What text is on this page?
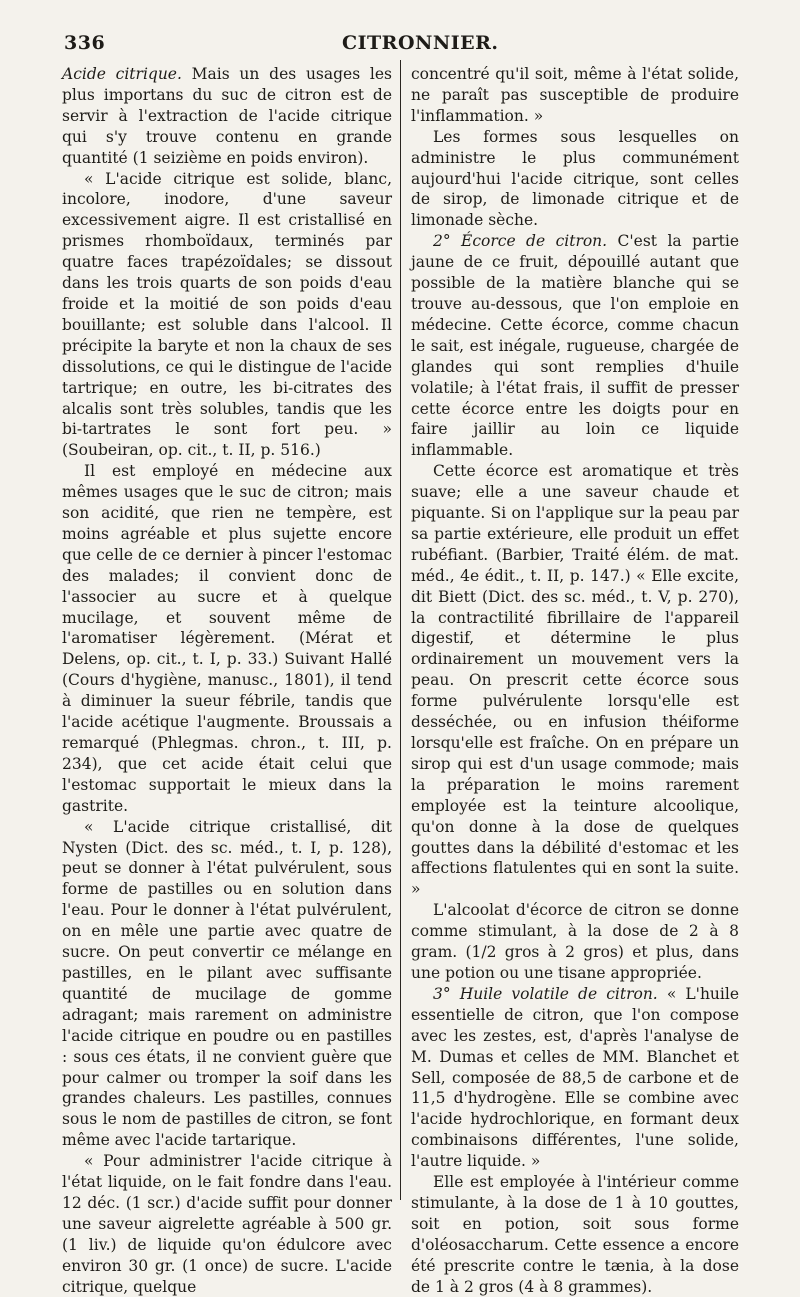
336	CITRONNIER.

Acide citrique. Mais un des usages les plus importans du suc de citron est de servir à l'extraction de l'acide citrique qui s'y trouve contenu en grande quantité (1 seizième en poids environ).

« L'acide citrique est solide, blanc, incolore, inodore, d'une saveur excessivement aigre. Il est cristallisé en prismes rhomboïdaux, terminés par quatre faces trapézoïdales; se dissout dans les trois quarts de son poids d'eau froide et la moitié de son poids d'eau bouillante; est soluble dans l'alcool. Il précipite la baryte et non la chaux de ses dissolutions, ce qui le distingue de l'acide tartrique; en outre, les bi-citrates des alcalis sont très solubles, tandis que les bi-tartrates le sont fort peu. » (Soubeiran, op. cit., t. II, p. 516.)

Il est employé en médecine aux mêmes usages que le suc de citron; mais son acidité, que rien ne tempère, est moins agréable et plus sujette encore que celle de ce dernier à pincer l'estomac des malades; il convient donc de l'associer au sucre et à quelque mucilage, et souvent même de l'aromatiser légèrement. (Mérat et Delens, op. cit., t. I, p. 33.) Suivant Hallé (Cours d'hygiène, manusc., 1801), il tend à diminuer la sueur fébrile, tandis que l'acide acétique l'augmente. Broussais a remarqué (Phlegmas. chron., t. III, p. 234), que cet acide était celui que l'estomac supportait le mieux dans la gastrite.

« L'acide citrique cristallisé, dit Nysten (Dict. des sc. méd., t. I, p. 128), peut se donner à l'état pulvérulent, sous forme de pastilles ou en solution dans l'eau. Pour le donner à l'état pulvérulent, on en mêle une partie avec quatre de sucre. On peut convertir ce mélange en pastilles, en le pilant avec suffisante quantité de mucilage de gomme adragant; mais rarement on administre l'acide citrique en poudre ou en pastilles : sous ces états, il ne convient guère que pour calmer ou tromper la soif dans les grandes chaleurs. Les pastilles, connues sous le nom de pastilles de citron, se font même avec l'acide tartarique.

« Pour administrer l'acide citrique à l'état liquide, on le fait fondre dans l'eau. 12 déc. (1 scr.) d'acide suffit pour donner une saveur aigrelette agréable à 500 gr. (1 liv.) de liquide qu'on édulcore avec environ 30 gr. (1 once) de sucre. L'acide citrique, quelque

concentré qu'il soit, même à l'état solide, ne paraît pas susceptible de produire l'inflammation. »

Les formes sous lesquelles on administre le plus communément aujourd'hui l'acide citrique, sont celles de sirop, de limonade citrique et de limonade sèche.

2° Écorce de citron. C'est la partie jaune de ce fruit, dépouillé autant que possible de la matière blanche qui se trouve au-dessous, que l'on emploie en médecine. Cette écorce, comme chacun le sait, est inégale, rugueuse, chargée de glandes qui sont remplies d'huile volatile; à l'état frais, il suffit de presser cette écorce entre les doigts pour en faire jaillir au loin ce liquide inflammable.

Cette écorce est aromatique et très suave; elle a une saveur chaude et piquante. Si on l'applique sur la peau par sa partie extérieure, elle produit un effet rubéfiant. (Barbier, Traité élém. de mat. méd., 4e édit., t. II, p. 147.) « Elle excite, dit Biett (Dict. des sc. méd., t. V, p. 270), la contractilité fibrillaire de l'appareil digestif, et détermine le plus ordinairement un mouvement vers la peau. On prescrit cette écorce sous forme pulvérulente lorsqu'elle est desséchée, ou en infusion théiforme lorsqu'elle est fraîche. On en prépare un sirop qui est d'un usage commode; mais la préparation le moins rarement employée est la teinture alcoolique, qu'on donne à la dose de quelques gouttes dans la débilité d'estomac et les affections flatulentes qui en sont la suite. »

L'alcoolat d'écorce de citron se donne comme stimulant, à la dose de 2 à 8 gram. (1/2 gros à 2 gros) et plus, dans une potion ou une tisane appropriée.

3° Huile volatile de citron. « L'huile essentielle de citron, que l'on compose avec les zestes, est, d'après l'analyse de M. Dumas et celles de MM. Blanchet et Sell, composée de 88,5 de carbone et de 11,5 d'hydrogène. Elle se combine avec l'acide hydrochlorique, en formant deux combinaisons différentes, l'une solide, l'autre liquide. »

Elle est employée à l'intérieur comme stimulante, à la dose de 1 à 10 gouttes, soit en potion, soit sous forme d'oléosaccharum. Cette essence a encore été prescrite contre le tænia, à la dose de 1 à 2 gros (4 à 8 grammes).
